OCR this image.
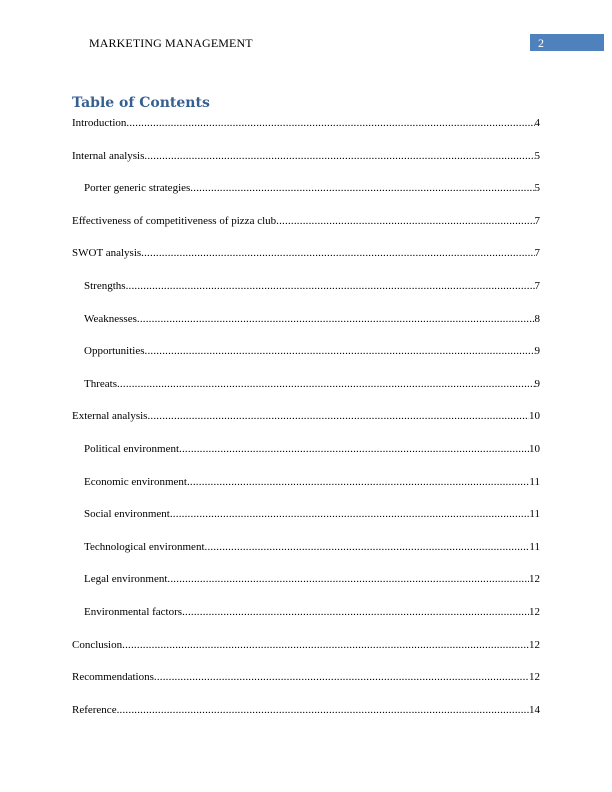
MARKETING MANAGEMENT	2
Table of Contents
Introduction .....	4
Internal analysis .....	5
Porter generic strategies .....	5
Effectiveness of competitiveness of pizza club .....	7
SWOT analysis .....	7
Strengths .....	7
Weaknesses .....	8
Opportunities .....	9
Threats .....	9
External analysis .....	10
Political environment .....	10
Economic environment .....	11
Social environment .....	11
Technological environment .....	11
Legal environment .....	12
Environmental factors .....	12
Conclusion .....	12
Recommendations .....	12
Reference .....	14
